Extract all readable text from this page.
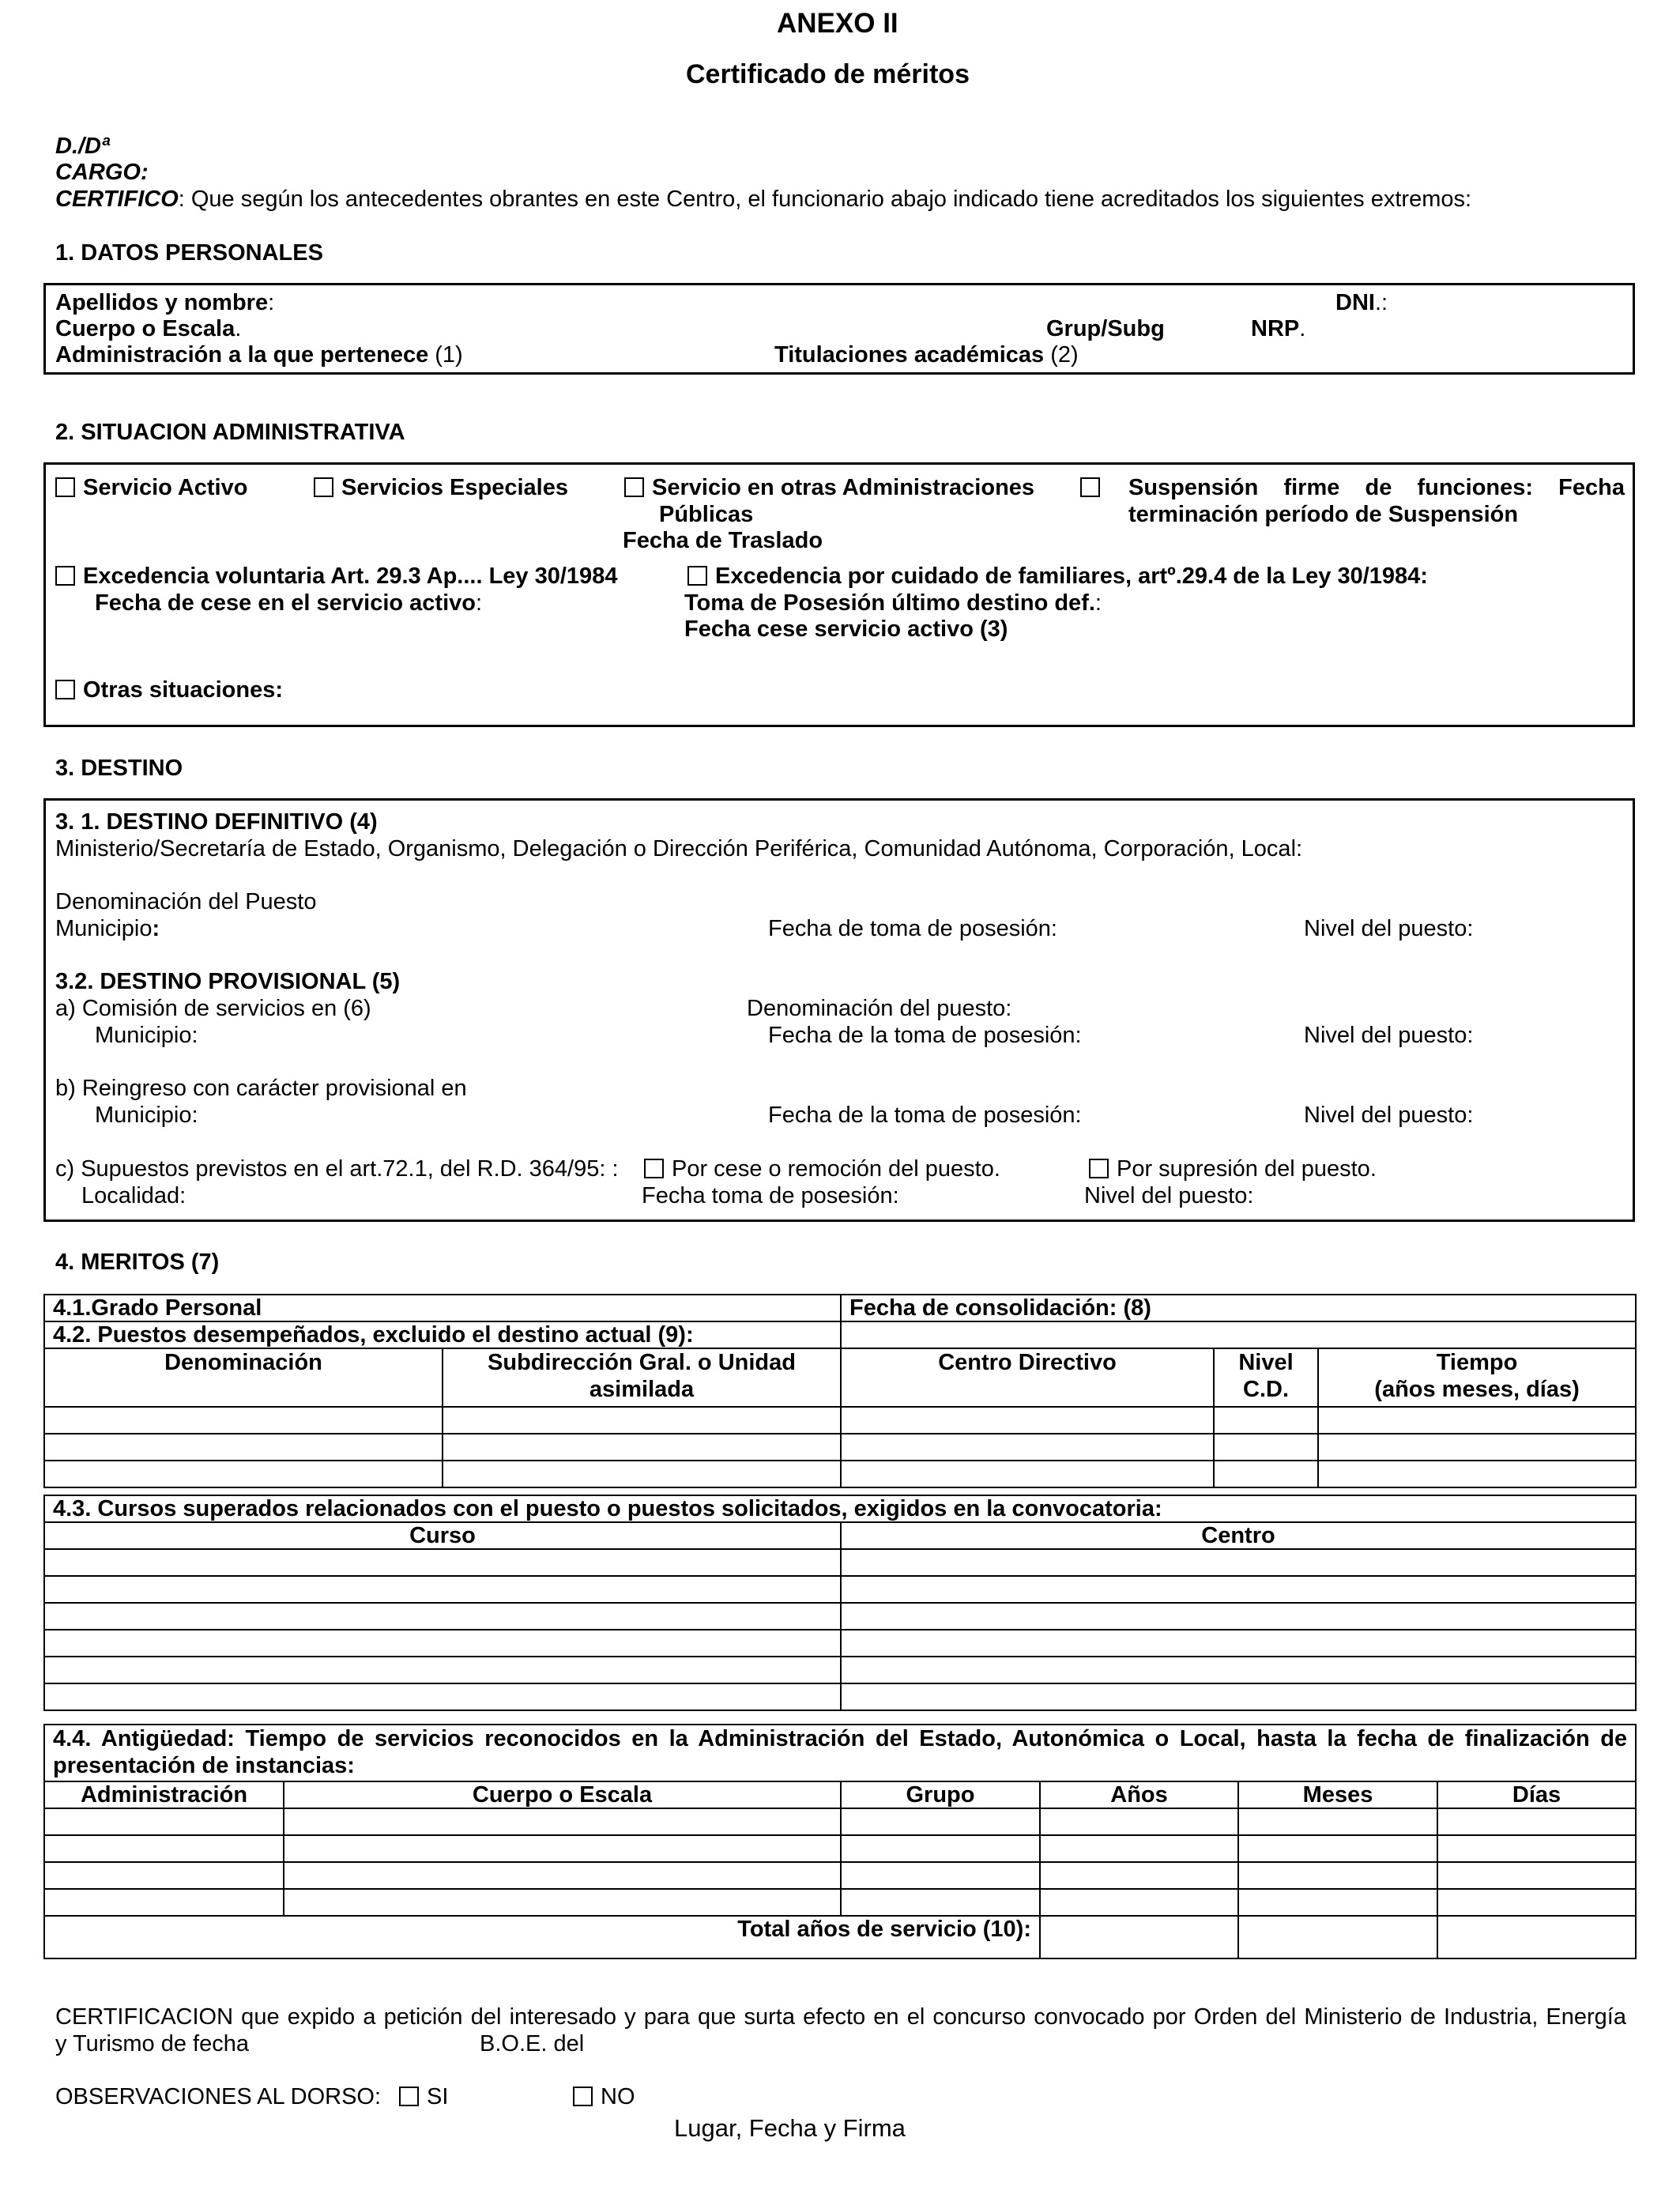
ANEXO II
Certificado de méritos
D./Dª
CARGO:
CERTIFICO: Que según los antecedentes obrantes en este Centro, el funcionario abajo indicado tiene acreditados los siguientes extremos:
1. DATOS PERSONALES
Apellidos y nombre:	DNI.:
Cuerpo o Escala.	Grup/Subg	NRP.
Administración a la que pertenece (1)	Titulaciones académicas (2)
2. SITUACION ADMINISTRATIVA
Servicio Activo	Servicios Especiales	Servicio en otras Administraciones
Públicas
Fecha de Traslado
Suspensión firme de funciones: Fecha
terminación período de Suspensión
Excedencia voluntaria Art. 29.3 Ap.... Ley 30/1984
Fecha de cese en el servicio activo:
Excedencia por cuidado de familiares, artº.29.4 de la Ley 30/1984:
Toma de Posesión último destino def.:
Fecha cese servicio activo (3)
Otras situaciones:
3. DESTINO
3. 1. DESTINO DEFINITIVO (4)
Ministerio/Secretaría de Estado, Organismo, Delegación o Dirección Periférica, Comunidad Autónoma, Corporación, Local:
Denominación del Puesto
Municipio:	Fecha de toma de posesión:	Nivel del puesto:
3.2. DESTINO PROVISIONAL (5)
a) Comisión de servicios en (6)	Denominación del puesto:
Municipio:	Fecha de la toma de posesión:	Nivel del puesto:
b) Reingreso con carácter provisional en
Municipio:	Fecha de la toma de posesión:	Nivel del puesto:
c) Supuestos previstos en el art.72.1, del R.D. 364/95: :	Por cese o remoción del puesto.	Por supresión del puesto.
Localidad:	Fecha toma de posesión:	Nivel del puesto:
4. MERITOS (7)
4.1.Grado Personal		Fecha de consolidación: (8)		
4.2. Puestos desempeñados, excluido el destino actual (9):				
Denominación	Subdirección Gral. o Unidad asimilada	Centro Directivo	Nivel C.D.	Tiempo
(años meses, días)

4.3. Cursos superados relacionados con el puesto o puestos solicitados, exigidos en la convocatoria:	
Curso	Centro

4.4. Antigüedad: Tiempo de servicios reconocidos en la Administración del Estado, Autonómica o Local, hasta la fecha de finalización de presentación de instancias:					

Administración	Cuerpo o Escala	Grupo	Años	Meses	Días

Total años de servicio (10):					
CERTIFICACION que expido a petición del interesado y para que surta efecto en el concurso convocado por Orden del Ministerio de Industria, Energía
y Turismo de fecha	B.O.E. del
OBSERVACIONES AL DORSO:	SI	NO
Lugar, Fecha y Firma
